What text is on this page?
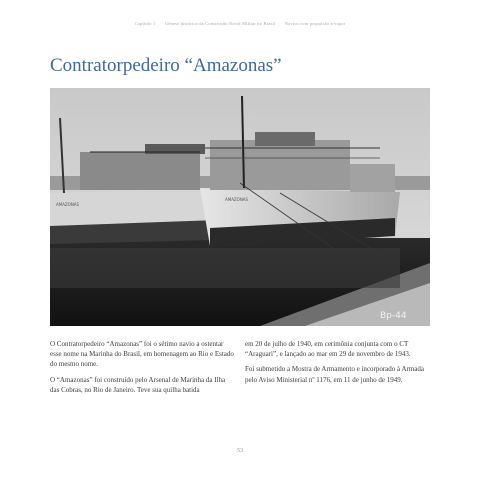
Capítulo 1 Gênese histórica da Construção Naval Militar no Brasil Navios com propulsão a vapor
Contratorpedeiro “Amazonas”
AMAZONAS
AMAZONAS
Bp-44

O Contratorpedeiro “Amazonas” foi o sétimo navio a ostentar esse nome na Marinha do Brasil, em homenagem ao Rio e Estado do mesmo nome.

O “Amazonas” foi construído pelo Arsenal de Marinha da Ilha das Cobras, no Rio de Janeiro. Teve sua quilha batida

em 20 de julho de 1940, em cerimônia conjunta com o CT “Araguari”, e lançado ao mar em 29 de novembro de 1943.

Foi submetido a Mostra de Armamento e incorporado à Armada pelo Aviso Ministerial nº 1176, em 11 de junho de 1949.

53
